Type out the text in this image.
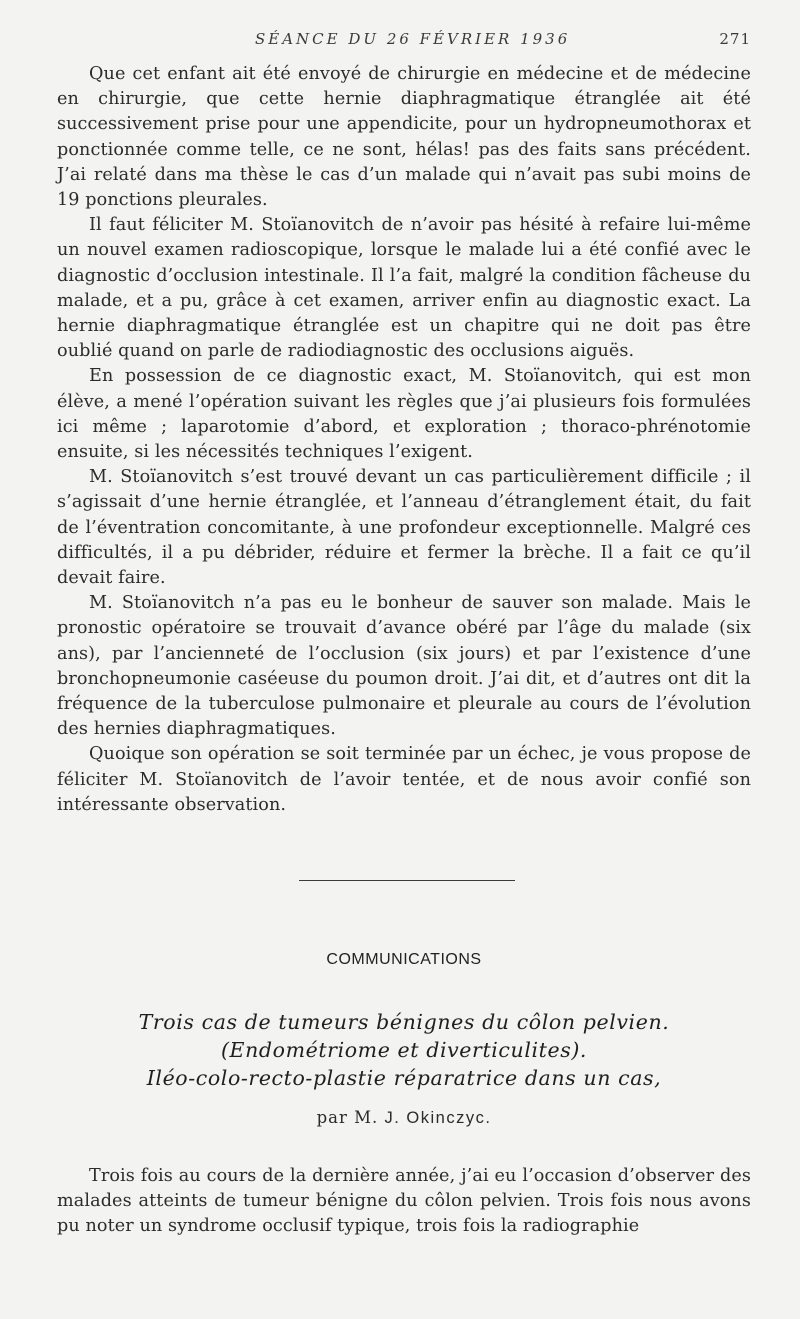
SÉANCE DU 26 FÉVRIER 1936	271

Que cet enfant ait été envoyé de chirurgie en médecine et de médecine en chirurgie, que cette hernie diaphragmatique étranglée ait été successivement prise pour une appendicite, pour un hydropneumothorax et ponctionnée comme telle, ce ne sont, hélas! pas des faits sans précédent. J’ai relaté dans ma thèse le cas d’un malade qui n’avait pas subi moins de 19 ponctions pleurales.

Il faut féliciter M. Stoïanovitch de n’avoir pas hésité à refaire lui-même un nouvel examen radioscopique, lorsque le malade lui a été confié avec le diagnostic d’occlusion intestinale. Il l’a fait, malgré la condition fâcheuse du malade, et a pu, grâce à cet examen, arriver enfin au diagnostic exact. La hernie diaphragmatique étranglée est un chapitre qui ne doit pas être oublié quand on parle de radiodiagnostic des occlusions aiguës.

En possession de ce diagnostic exact, M. Stoïanovitch, qui est mon élève, a mené l’opération suivant les règles que j’ai plusieurs fois formulées ici même ; laparotomie d’abord, et exploration ; thoraco-phrénotomie ensuite, si les nécessités techniques l’exigent.

M. Stoïanovitch s’est trouvé devant un cas particulièrement difficile ; il s’agissait d’une hernie étranglée, et l’anneau d’étranglement était, du fait de l’éventration concomitante, à une profondeur exceptionnelle. Malgré ces difficultés, il a pu débrider, réduire et fermer la brèche. Il a fait ce qu’il devait faire.

M. Stoïanovitch n’a pas eu le bonheur de sauver son malade. Mais le pronostic opératoire se trouvait d’avance obéré par l’âge du malade (six ans), par l’ancienneté de l’occlusion (six jours) et par l’existence d’une bronchopneumonie caséeuse du poumon droit. J’ai dit, et d’autres ont dit la fréquence de la tuberculose pulmonaire et pleurale au cours de l’évolution des hernies diaphragmatiques.

Quoique son opération se soit terminée par un échec, je vous propose de féliciter M. Stoïanovitch de l’avoir tentée, et de nous avoir confié son intéressante observation.

COMMUNICATIONS
Trois cas de tumeurs bénignes du côlon pelvien.
(Endométriome et diverticulites).
Iléo-colo-recto-plastie réparatrice dans un cas,
par M. J. Okinczyc.

Trois fois au cours de la dernière année, j’ai eu l’occasion d’observer des malades atteints de tumeur bénigne du côlon pelvien. Trois fois nous avons pu noter un syndrome occlusif typique, trois fois la radiographie
